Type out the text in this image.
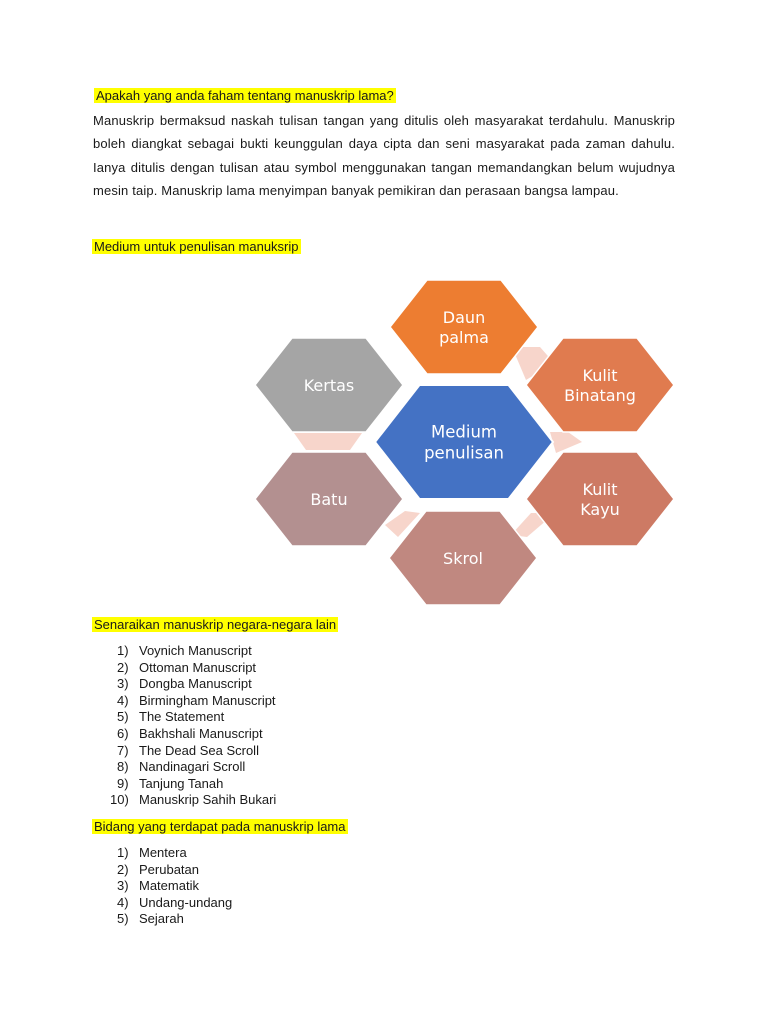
Apakah yang anda faham tentang manuskrip lama?

Manuskrip bermaksud naskah tulisan tangan yang ditulis oleh masyarakat terdahulu. Manuskrip boleh diangkat sebagai bukti keunggulan daya cipta dan seni masyarakat pada zaman dahulu. Ianya ditulis dengan tulisan atau symbol menggunakan tangan memandangkan belum wujudnya mesin taip. Manuskrip lama menyimpan banyak pemikiran dan perasaan bangsa lampau.

Medium untuk penulisan manuksrip
Daun
palma
Kulit
Binatang
Kulit
Kayu
Skrol
Batu
Kertas
Medium
penulisan
Senaraikan manuskrip negara-negara lain
1) Voynich Manuscript
2) Ottoman Manuscript
3) Dongba Manuscript
4) Birmingham Manuscript
5) The Statement
6) Bakhshali Manuscript
7) The Dead Sea Scroll
8) Nandinagari Scroll
9) Tanjung Tanah
10) Manuskrip Sahih Bukari
Bidang yang terdapat pada manuskrip lama
1) Mentera
2) Perubatan
3) Matematik
4) Undang-undang
5) Sejarah
